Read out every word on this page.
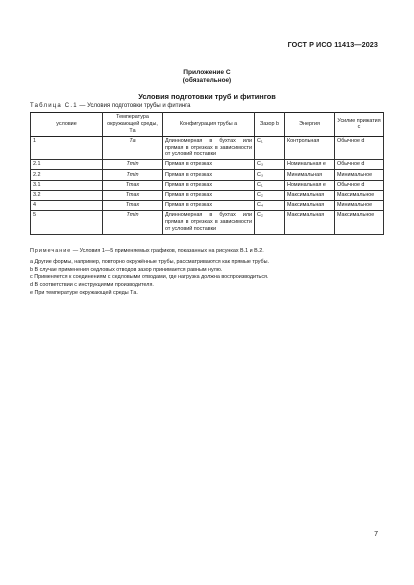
ГОСТ Р ИСО 11413—2023
Приложение С
(обязательное)
Условия подготовки труб и фитингов
Таблица С.1 — Условия подготовки трубы и фитинга
условие	Температура окружающей среды, Tа	Конфигурация трубы a	Зазор b	Энергия	Усилие прижатия c
1	Tа	Длинномерная в бухтах или прямая в отрезках в зависимости от условий поставки	C₁	Контрольная	Обычное d
2.1	Tmin	Прямая в отрезках	C₃	Номинальная e	Обычное d
2.2	Tmin	Прямая в отрезках	C₃	Минимальная	Минимальное
3.1	Tmax	Прямая в отрезках	C₁	Номинальная e	Обычное d
3.2	Tmax	Прямая в отрезках	C₂	Максимальная	Максимальное
4	Tmax	Прямая в отрезках	C₄	Максимальная	Минимальное
5	Tmin	Длинномерная в бухтах или прямая в отрезках в зависимости от условий поставки	C₂	Максимальная	Максимальное
Примечание — Условия 1—5 применяемых графиков, показанных на рисунках В.1 и В.2.

a Другие формы, например, повторно окружённые трубы, рассматриваются как прямые трубы.

b В случае применения седловых отводов зазор принимается равным нулю.

c Применяется к соединениям с седловыми отводами, где нагрузка должна воспроизводиться.

d В соответствии с инструкциями производителя.

e При температуре окружающей среды Tа.

7
